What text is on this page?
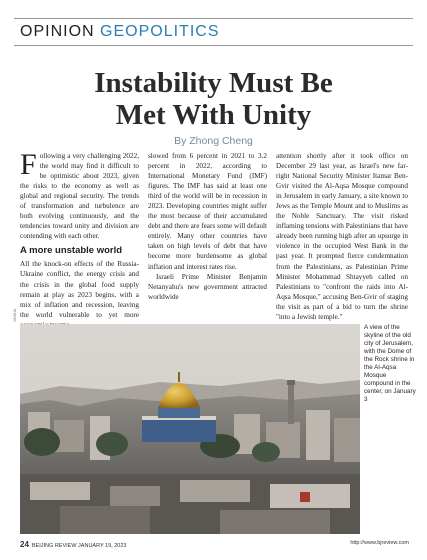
OPINION GEOPOLITICS
Instability Must Be
Met With Unity
By Zhong Cheng

Following a very challenging 2022, the world may find it difficult to be optimistic about 2023, given the risks to the economy as well as global and regional security. The trends of transformation and turbulence are both evolving continuously, and the tendencies toward unity and division are contending with each other.

A more unstable world

All the knock-on effects of the Russia-Ukraine conflict, the energy crisis and the crisis in the global food supply remain at play as 2023 begins, with a mix of inflation and recession, leaving the world vulnerable to yet more

slowed from 6 percent in 2021 to 3.2 percent in 2022, according to International Monetary Fund (IMF) figures. The IMF has said at least one third of the world will be in recession in 2023. Developing countries might suffer the most because of their accumulated debt and there are fears some will default entirely. Many other countries have taken on high levels of debt that have become more burdensome as global inflation and interest rates rise.

Israeli Prime Minister Benjamin Netanyahu's new government attracted worldwide

attention shortly after it took office on December 29 last year, as Israel's new far-right National Security Minister Itamar Ben-Gvir visited the Al-Aqsa Mosque compound in Jerusalem in early January, a site known to Jews as the Temple Mount and to Muslims as the Noble Sanctuary. The visit risked inflaming tensions with Palestinians that have already been running high after an upsurge in violence in the occupied West Bank in the past year. It prompted fierce condemnation from the Palestinians, as Palestinian Prime Minister Mohammad Shtayyeh called on Palestinians to "confront the raids into Al-Aqsa Mosque," accusing Ben-Gvir of staging the visit as part of a bid to turn the shrine "into a Jewish temple."

XINHUA
A view of the skyline of the old city of Jerusalem, with the Dome of the Rock shrine in the Al-Aqsa Mosque compound in the center, on January 3
24 BEIJING REVIEW JANUARY 19, 2023	http://www.bjreview.com
